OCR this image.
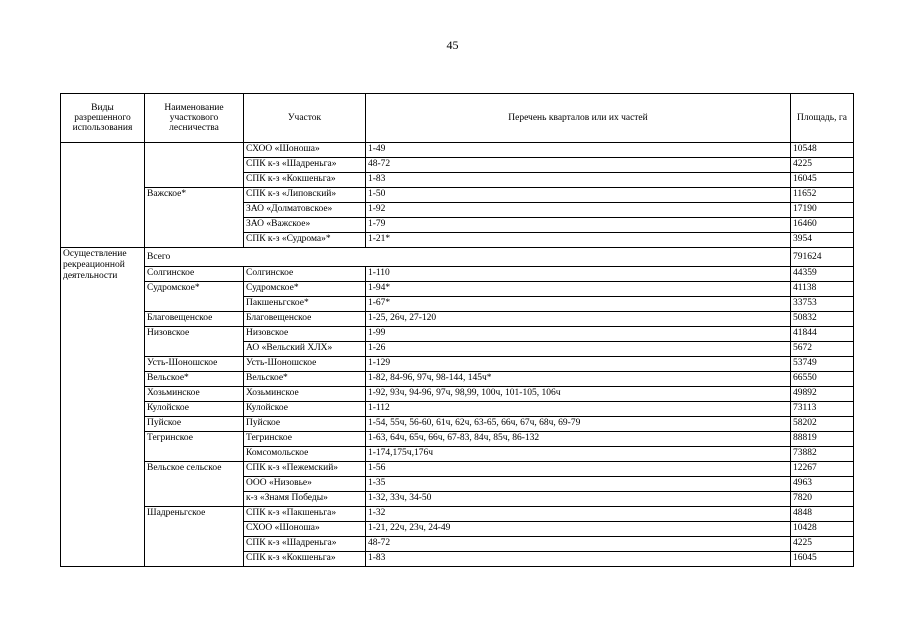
45
Виды разрешенного использования	Наименование участкового лесничества	Участок	Перечень кварталов или их частей	Площадь, га
		СХОО «Шоноша»	1-49	10548
		СПК к-з «Шадреньга»	48-72	4225
		СПК к-з «Кокшеньга»	1-83	16045
	Важское*	СПК к-з «Липовский»	1-50	11652
		ЗАО «Долматовское»	1-92	17190
		ЗАО «Важское»	1-79	16460
		СПК к-з «Судрома»*	1-21*	3954
Осуществление рекреационной деятельности	Всего			791624
	Солгинское	Солгинское	1-110	44359
	Судромское*	Судромское*	1-94*	41138
		Пакшеньгское*	1-67*	33753
	Благовещенское	Благовещенское	1-25, 26ч, 27-120	50832
	Низовское	Низовское	1-99	41844
		АО «Вельский ХЛХ»	1-26	5672
	Усть-Шоношское	Усть-Шоношское	1-129	53749
	Вельское*	Вельское*	1-82, 84-96, 97ч, 98-144, 145ч*	66550
	Хозьминское	Хозьминское	1-92, 93ч, 94-96, 97ч, 98,99, 100ч, 101-105, 106ч	49892
	Кулойское	Кулойское	1-112	73113
	Пуйское	Пуйское	1-54, 55ч, 56-60, 61ч, 62ч, 63-65, 66ч, 67ч, 68ч, 69-79	58202
	Тегринское	Тегринское	1-63, 64ч, 65ч, 66ч, 67-83, 84ч, 85ч, 86-132	88819
		Комсомольское	1-174,175ч,176ч	73882
	Вельское сельское	СПК к-з «Пежемский»	1-56	12267
		ООО «Низовье»	1-35	4963
		к-з «Знамя Победы»	1-32, 33ч, 34-50	7820
	Шадреньгское	СПК к-з «Пакшеньга»	1-32	4848
		СХОО «Шоноша»	1-21, 22ч, 23ч, 24-49	10428
		СПК к-з «Шадреньга»	48-72	4225
		СПК к-з «Кокшеньга»	1-83	16045
